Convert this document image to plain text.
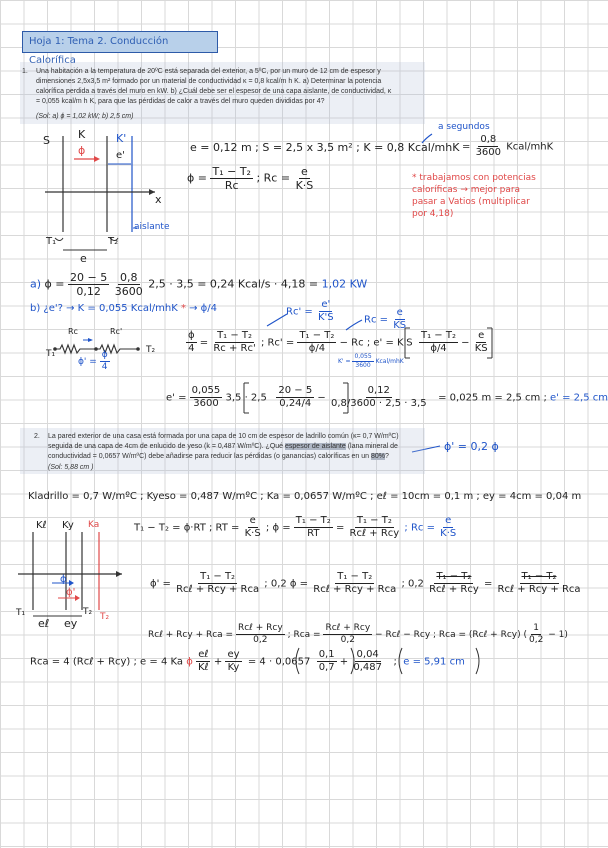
Hoja 1: Tema 2. Conducción Calorífica
1. Una habitación a la temperatura de 20ºC está separada del exterior, a 5ºC, por un muro de 12 cm de espesor y
dimensiones 2,5x3,5 m² formado por un material de conductividad κ = 0,8 kcal/m h K. a) Determinar la potencia
calorífica perdida a través del muro en kW. b) ¿Cuál debe ser el espesor de una capa aislante, de conductividad, κ
= 0,055 kcal/m h K, para que las pérdidas de calor a través del muro queden divididas por 4?
(Sol: a) ϕ = 1,02 kW; b) 2,5 cm)
S	K	K'
e'
ϕ
x
aislante
T₁	T₂
e
e = 0,12 m ; S = 2,5 x 3,5 m² ; K = 0,8 Kcal/mhK
a segundos
= $\frac{0,8}{3600}$ Kcal/mhK
$\phi = \frac{\text{T₁ − T₂}}{Rc}$ ; $Rc = \frac{e}{K\cdot S}$	* trabajamos con potencias
caloríficas → mejor para
pasar a Vatios (multiplicar
por 4,18)
a) $\phi = \frac{20 - 5}{0,12}$
$\frac{0,8}{3600} 2,5 \cdot 3,5 = 0,24$ Kcal/s · 4,18 = 1,02 KW
b) ¿e'? → K = 0,055 Kcal/mhK * → ϕ/4	$Rc' = \frac{e'}{K'S}$	$Rc = \frac{e}{KS}$
Rc	Rc'
T₁	T₂
$\phi' = \frac{\phi}{4}$
$\frac{\phi}{4} = \frac{\text{T₁ − T₂}}{Rc + Rc'}$ ; $Rc' = \frac{\text{T₁ − T₂}}{\phi/4} - Rc$ ; $e' = K'S \frac{\text{T₁ − T₂}}{\phi/4} - \frac{e}{KS}$
$K' = \frac{0,055}{3600}$ Kcal/mhK
$e' = \frac{0,055}{3600} 3,5 \cdot 2,5 \frac{20 - 5}{0,24/4} - \frac{0,12}{0,8/3600 \cdot 2,5 \cdot 3,5} = 0,025$ m = 2,5 cm ; e' = 2,5 cm
2. La pared exterior de una casa está formada por una capa de 10 cm de espesor de ladrillo común (κ= 0,7 W/mºC)
seguida de una capa de 4cm de enlucido de yeso (k = 0,487 W/mºC). ¿Qué espesor de aislante (lana mineral de
conductividad = 0,0657 W/mºC) debe añadirse para reducir las pérdidas (o ganancias) caloríficas en un 80%?
(Sol: 5,88 cm )
ϕ' = 0,2 ϕ
Kladrillo = 0,7 W/mºC ; Kyeso = 0,487 W/mºC ; Ka = 0,0657 W/mºC ; eℓ = 10cm = 0,1 m ; ey = 4cm = 0,04 m
Kℓ Ky Ka
ϕ
ϕ'
T₁	T₂ T₂
eℓ ey
T₁ − T₂ = ϕ·RT ; RT = $\frac{e}{K\cdot S}$ ; $\phi = \frac{\text{T₁ − T₂}}{RT} = \frac{\text{T₁ − T₂}}{\text{Rcℓ + Rcy}}$ ; $Rc = \frac{e}{K\cdot S}$
$\phi' = \frac{\text{T₁ − T₂}}{\text{Rcℓ + Rcy + Rca}}$ ; 0,2 $\phi = \frac{\text{T₁ − T₂}}{\text{Rcℓ + Rcy + Rca}}$ ; $0,2 \frac{\text{T₁ − T₂}}{\text{Rcℓ + Rcy}} = \frac{\text{T₁ − T₂}}{\text{Rcℓ + Rcy + Rca}}$
Rcℓ + Rcy + Rca = $\frac{\text{Rcℓ + Rcy}}{0,2}$ ; Rca = $\frac{\text{Rcℓ + Rcy}}{0,2}$ − Rcℓ − Rcy ; Rca = (Rcℓ + Rcy) ( $\frac{1}{0,2} - 1$)
Rca = 4 (Rcℓ + Rcy) ; e = 4 Ka ϕ $\frac{\text{eℓ}}{\text{Kℓ}} + \frac{ey}{Ky} = 4 \cdot 0,0657 \frac{0,1}{0,7} + \frac{0,04}{0,487}$ ;  e = 5,91 cm
